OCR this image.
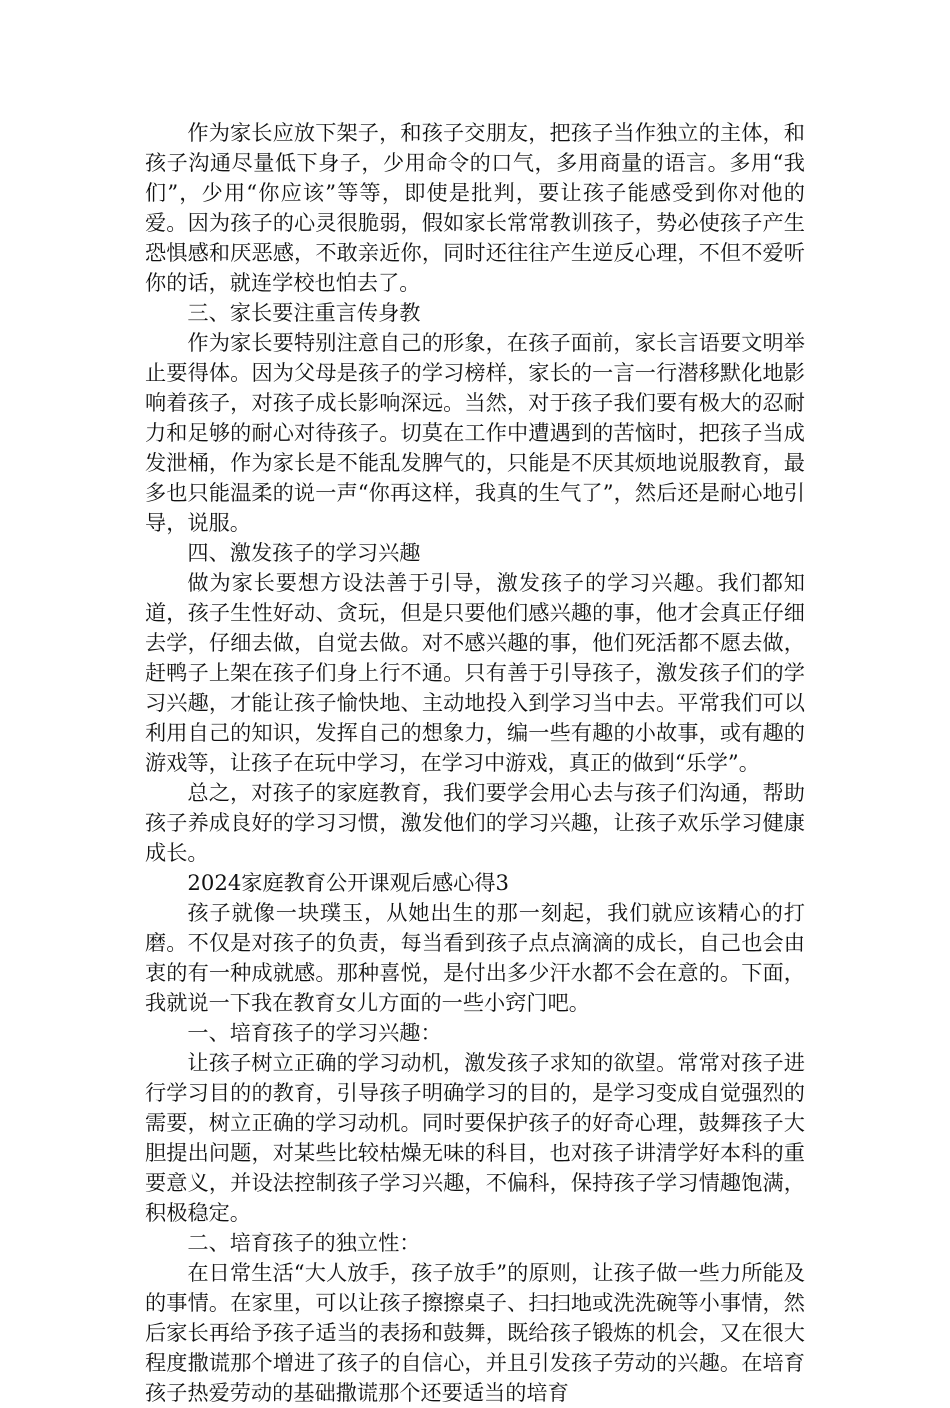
作为家长应放下架子，和孩子交朋友，把孩子当作独立的主体，和孩子沟通尽量低下身子，少用命令的口气，多用商量的语言。多用“我们”，少用“你应该”等等，即使是批判，要让孩子能感受到你对他的爱。因为孩子的心灵很脆弱，假如家长常常教训孩子，势必使孩子产生恐惧感和厌恶感，不敢亲近你，同时还往往产生逆反心理，不但不爱听你的话，就连学校也怕去了。

三、家长要注重言传身教

作为家长要特别注意自己的形象，在孩子面前，家长言语要文明举止要得体。因为父母是孩子的学习榜样，家长的一言一行潜移默化地影响着孩子，对孩子成长影响深远。当然，对于孩子我们要有极大的忍耐力和足够的耐心对待孩子。切莫在工作中遭遇到的苦恼时，把孩子当成发泄桶，作为家长是不能乱发脾气的，只能是不厌其烦地说服教育，最多也只能温柔的说一声“你再这样，我真的生气了”，然后还是耐心地引导，说服。

四、激发孩子的学习兴趣

做为家长要想方设法善于引导，激发孩子的学习兴趣。我们都知道，孩子生性好动、贪玩，但是只要他们感兴趣的事，他才会真正仔细去学，仔细去做，自觉去做。对不感兴趣的事，他们死活都不愿去做，赶鸭子上架在孩子们身上行不通。只有善于引导孩子，激发孩子们的学习兴趣，才能让孩子愉快地、主动地投入到学习当中去。平常我们可以利用自己的知识，发挥自己的想象力，编一些有趣的小故事，或有趣的游戏等，让孩子在玩中学习，在学习中游戏，真正的做到“乐学”。

总之，对孩子的家庭教育，我们要学会用心去与孩子们沟通，帮助孩子养成良好的学习习惯，激发他们的学习兴趣，让孩子欢乐学习健康成长。

2024家庭教育公开课观后感心得3

孩子就像一块璞玉，从她出生的那一刻起，我们就应该精心的打磨。不仅是对孩子的负责，每当看到孩子点点滴滴的成长，自己也会由衷的有一种成就感。那种喜悦，是付出多少汗水都不会在意的。下面，我就说一下我在教育女儿方面的一些小窍门吧。

一、培育孩子的学习兴趣：

让孩子树立正确的学习动机，激发孩子求知的欲望。常常对孩子进行学习目的的教育，引导孩子明确学习的目的，是学习变成自觉强烈的需要，树立正确的学习动机。同时要保护孩子的好奇心理，鼓舞孩子大胆提出问题，对某些比较枯燥无味的科目，也对孩子讲清学好本科的重要意义，并设法控制孩子学习兴趣，不偏科，保持孩子学习情趣饱满，积极稳定。

二、培育孩子的独立性：

在日常生活“大人放手，孩子放手”的原则，让孩子做一些力所能及的事情。在家里，可以让孩子擦擦桌子、扫扫地或洗洗碗等小事情，然后家长再给予孩子适当的表扬和鼓舞，既给孩子锻炼的机会，又在很大程度撒谎那个增进了孩子的自信心，并且引发孩子劳动的兴趣。在培育孩子热爱劳动的基础撒谎那个还要适当的培育
